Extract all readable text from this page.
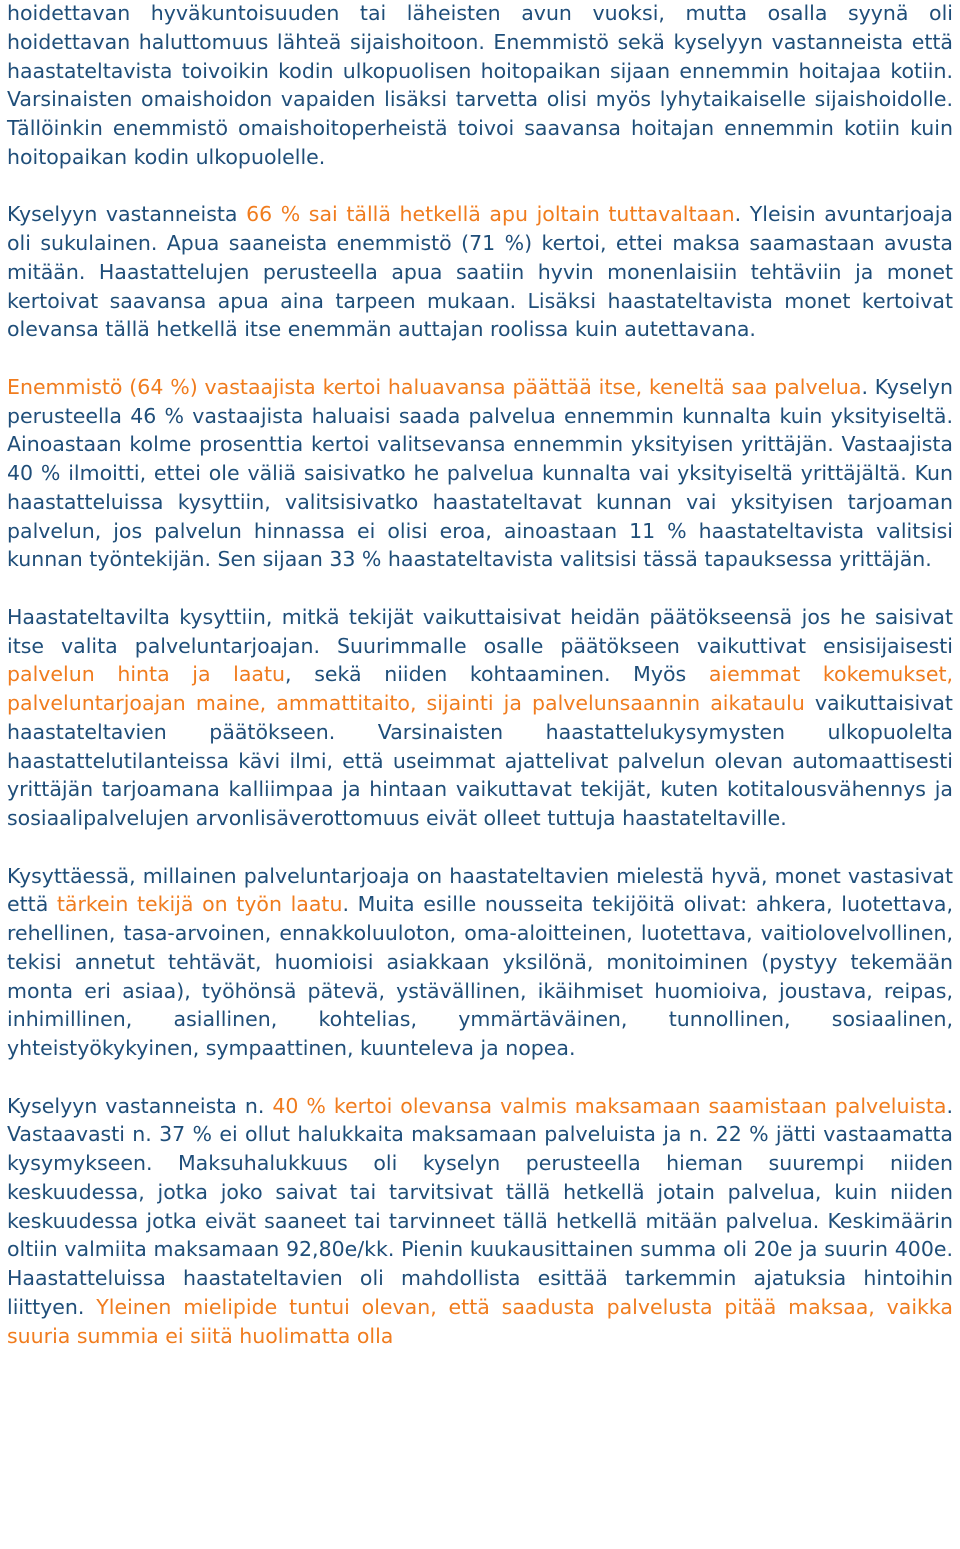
hoidettavan hyväkuntoisuuden tai läheisten avun vuoksi, mutta osalla syynä oli hoidettavan haluttomuus lähteä sijaishoitoon. Enemmistö sekä kyselyyn vastanneista että haastateltavista toivoikin kodin ulkopuolisen hoitopaikan sijaan ennemmin hoitajaa kotiin. Varsinaisten omaishoidon vapaiden lisäksi tarvetta olisi myös lyhytaikaiselle sijaishoidolle. Tällöinkin enemmistö omaishoitoperheistä toivoi saavansa hoitajan ennemmin kotiin kuin hoitopaikan kodin ulkopuolelle.

Kyselyyn vastanneista 66 % sai tällä hetkellä apu joltain tuttavaltaan. Yleisin avuntarjoaja oli sukulainen. Apua saaneista enemmistö (71 %) kertoi, ettei maksa saamastaan avusta mitään. Haastattelujen perusteella apua saatiin hyvin monenlaisiin tehtäviin ja monet kertoivat saavansa apua aina tarpeen mukaan. Lisäksi haastateltavista monet kertoivat olevansa tällä hetkellä itse enemmän auttajan roolissa kuin autettavana.

Enemmistö (64 %) vastaajista kertoi haluavansa päättää itse, keneltä saa palvelua. Kyselyn perusteella 46 % vastaajista haluaisi saada palvelua ennemmin kunnalta kuin yksityiseltä. Ainoastaan kolme prosenttia kertoi valitsevansa ennemmin yksityisen yrittäjän. Vastaajista 40 % ilmoitti, ettei ole väliä saisivatko he palvelua kunnalta vai yksityiseltä yrittäjältä. Kun haastatteluissa kysyttiin, valitsisivatko haastateltavat kunnan vai yksityisen tarjoaman palvelun, jos palvelun hinnassa ei olisi eroa, ainoastaan 11 % haastateltavista valitsisi kunnan työntekijän. Sen sijaan 33 % haastateltavista valitsisi tässä tapauksessa yrittäjän.

Haastateltavilta kysyttiin, mitkä tekijät vaikuttaisivat heidän päätökseensä jos he saisivat itse valita palveluntarjoajan. Suurimmalle osalle päätökseen vaikuttivat ensisijaisesti palvelun hinta ja laatu, sekä niiden kohtaaminen. Myös aiemmat kokemukset, palveluntarjoajan maine, ammattitaito, sijainti ja palvelunsaannin aikataulu vaikuttaisivat haastateltavien päätökseen. Varsinaisten haastattelukysymysten ulkopuolelta haastattelutilanteissa kävi ilmi, että useimmat ajattelivat palvelun olevan automaattisesti yrittäjän tarjoamana kalliimpaa ja hintaan vaikuttavat tekijät, kuten kotitalousvähennys ja sosiaalipalvelujen arvonlisäverottomuus eivät olleet tuttuja haastateltaville.

Kysyttäessä, millainen palveluntarjoaja on haastateltavien mielestä hyvä, monet vastasivat että tärkein tekijä on työn laatu. Muita esille nousseita tekijöitä olivat: ahkera, luotettava, rehellinen, tasa-arvoinen, ennakkoluuloton, oma-aloitteinen, luotettava, vaitiolovelvollinen, tekisi annetut tehtävät, huomioisi asiakkaan yksilönä, monitoiminen (pystyy tekemään monta eri asiaa), työhönsä pätevä, ystävällinen, ikäihmiset huomioiva, joustava, reipas, inhimillinen, asiallinen, kohtelias, ymmärtäväinen, tunnollinen, sosiaalinen, yhteistyökykyinen, sympaattinen, kuunteleva ja nopea.

Kyselyyn vastanneista n. 40 % kertoi olevansa valmis maksamaan saamistaan palveluista. Vastaavasti n. 37 % ei ollut halukkaita maksamaan palveluista ja n. 22 % jätti vastaamatta kysymykseen. Maksuhalukkuus oli kyselyn perusteella hieman suurempi niiden keskuudessa, jotka joko saivat tai tarvitsivat tällä hetkellä jotain palvelua, kuin niiden keskuudessa jotka eivät saaneet tai tarvinneet tällä hetkellä mitään palvelua. Keskimäärin oltiin valmiita maksamaan 92,80e/kk. Pienin kuukausittainen summa oli 20e ja suurin 400e. Haastatteluissa haastateltavien oli mahdollista esittää tarkemmin ajatuksia hintoihin liittyen. Yleinen mielipide tuntui olevan, että saadusta palvelusta pitää maksaa, vaikka suuria summia ei siitä huolimatta olla
